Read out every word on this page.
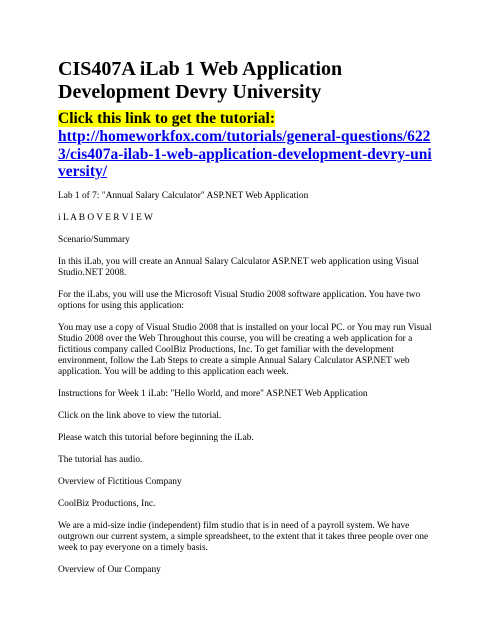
CIS407A iLab 1 Web Application
Development Devry University
Click this link to get the tutorial:
http://homeworkfox.com/tutorials/general-questions/6223/cis407a-ilab-1-web-application-development-devry-university/

Lab 1 of 7: "Annual Salary Calculator" ASP.NET Web Application

i L A B O V E R V I E W

Scenario/Summary

In this iLab, you will create an Annual Salary Calculator ASP.NET web application using Visual Studio.NET 2008.

For the iLabs, you will use the Microsoft Visual Studio 2008 software application. You have two options for using this application:

You may use a copy of Visual Studio 2008 that is installed on your local PC. or You may run Visual Studio 2008 over the Web Throughout this course, you will be creating a web application for a fictitious company called CoolBiz Productions, Inc. To get familiar with the development environment, follow the Lab Steps to create a simple Annual Salary Calculator ASP.NET web application. You will be adding to this application each week.

Instructions for Week 1 iLab: "Hello World, and more" ASP.NET Web Application

Click on the link above to view the tutorial.

Please watch this tutorial before beginning the iLab.

The tutorial has audio.

Overview of Fictitious Company

CoolBiz Productions, Inc.

We are a mid-size indie (independent) film studio that is in need of a payroll system. We have outgrown our current system, a simple spreadsheet, to the extent that it takes three people over one week to pay everyone on a timely basis.

Overview of Our Company
